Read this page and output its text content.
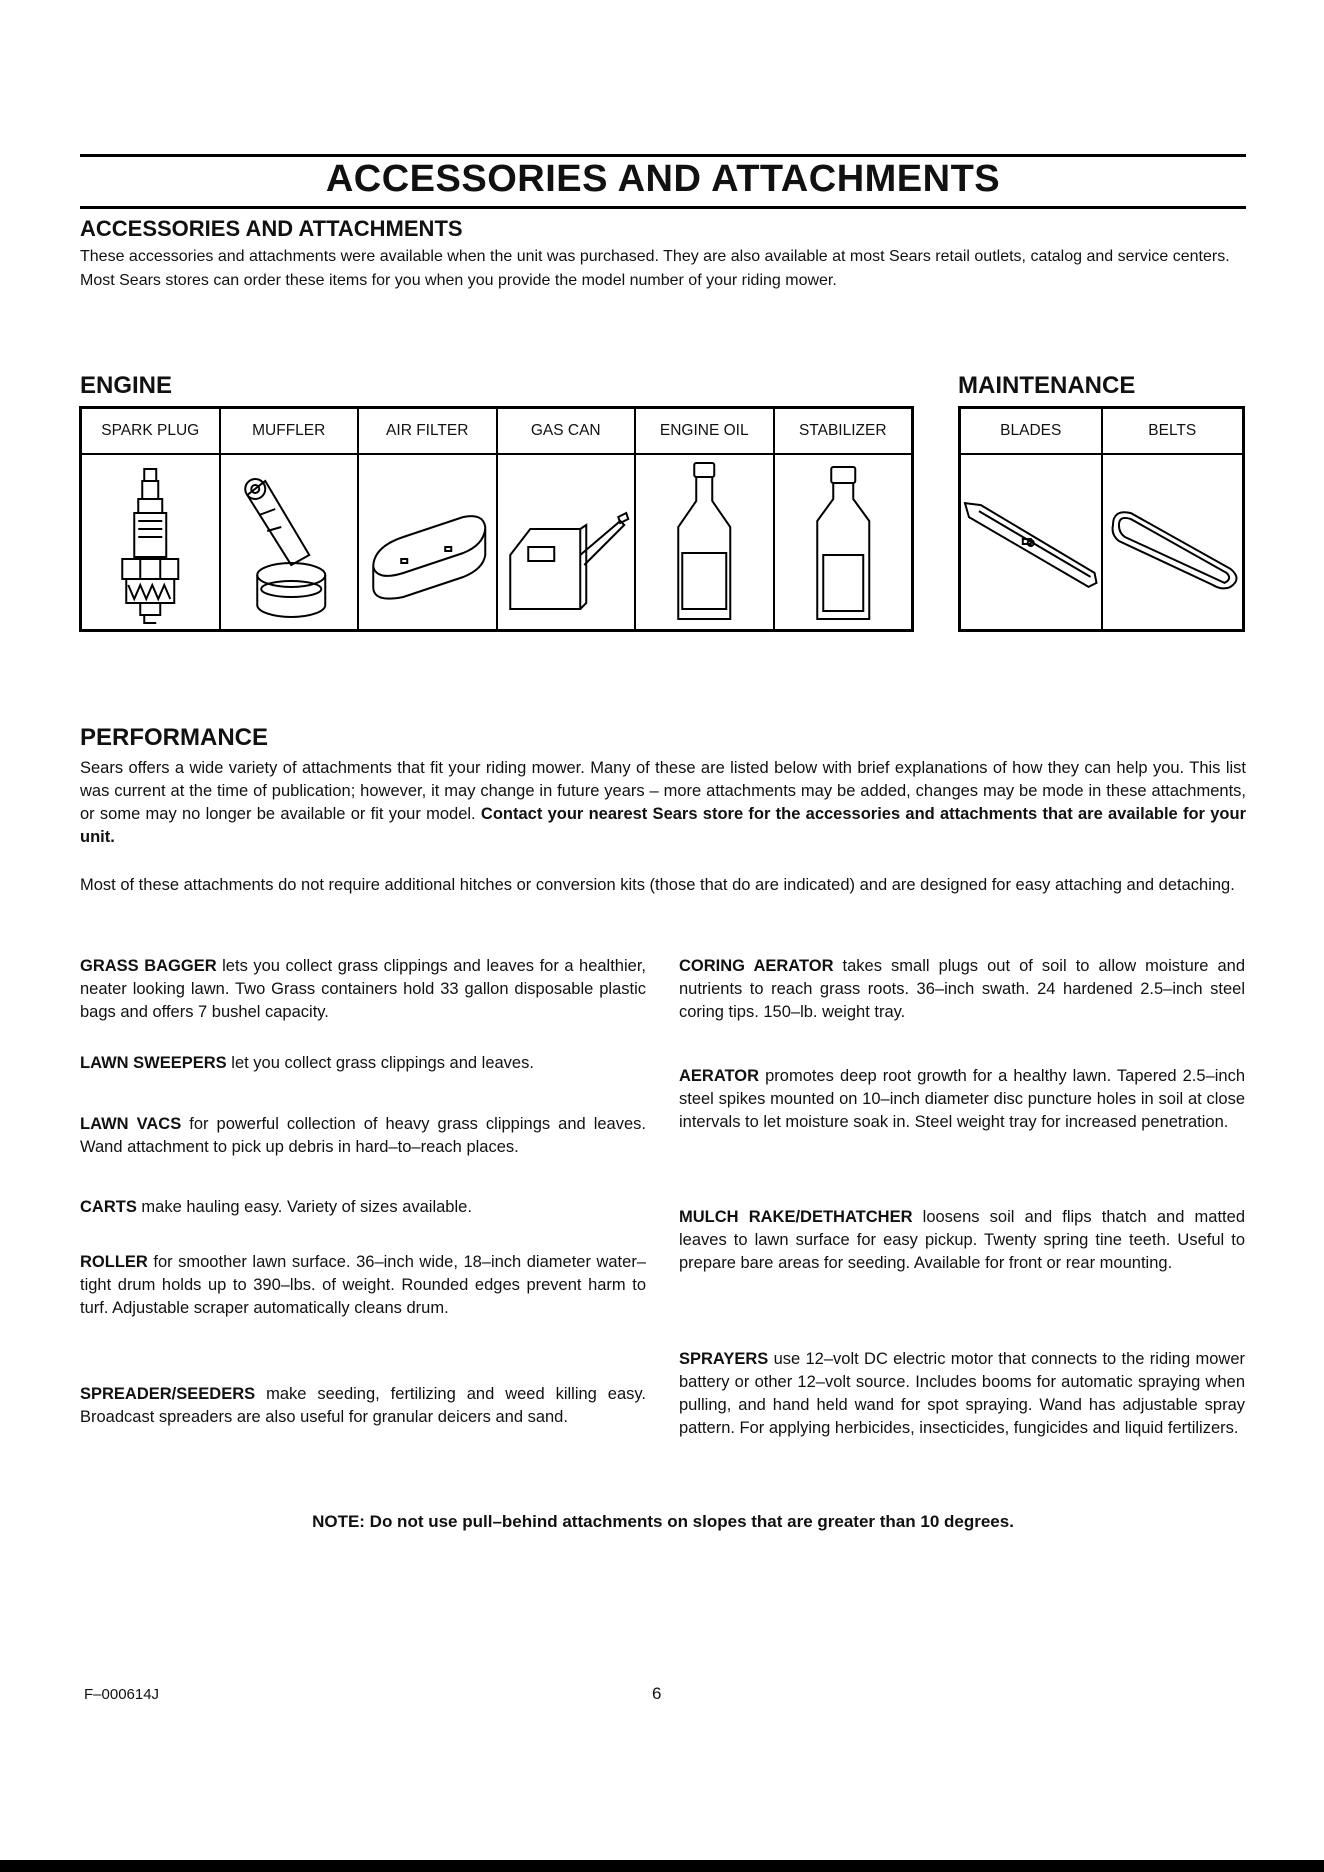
ACCESSORIES AND ATTACHMENTS
ACCESSORIES AND ATTACHMENTS
These accessories and attachments were available when the unit was purchased. They are also available at most Sears retail outlets, catalog and service centers. Most Sears stores can order these items for you when you provide the model number of your riding mower.
ENGINE
SPARK PLUG	MUFFLER	AIR FILTER	GAS CAN	ENGINE OIL	STABILIZER
MAINTENANCE
BLADES	BELTS
PERFORMANCE
Sears offers a wide variety of attachments that fit your riding mower. Many of these are listed below with brief explanations of how they can help you. This list was current at the time of publication; however, it may change in future years – more attachments may be added, changes may be mode in these attachments, or some may no longer be available or fit your model. Contact your nearest Sears store for the accessories and attachments that are available for your unit.
Most of these attachments do not require additional hitches or conversion kits (those that do are indicated) and are designed for easy attaching and detaching.
GRASS BAGGER lets you collect grass clippings and leaves for a healthier, neater looking lawn. Two Grass containers hold 33 gallon disposable plastic bags and offers 7 bushel capacity.
LAWN SWEEPERS let you collect grass clippings and leaves.
LAWN VACS for powerful collection of heavy grass clippings and leaves. Wand attachment to pick up debris in hard–to–reach places.
CARTS make hauling easy. Variety of sizes available.
ROLLER for smoother lawn surface. 36–inch wide, 18–inch diameter water–tight drum holds up to 390–lbs. of weight. Rounded edges prevent harm to turf. Adjustable scraper automatically cleans drum.
SPREADER/SEEDERS make seeding, fertilizing and weed killing easy. Broadcast spreaders are also useful for granular deicers and sand.
CORING AERATOR takes small plugs out of soil to allow moisture and nutrients to reach grass roots. 36–inch swath. 24 hardened 2.5–inch steel coring tips. 150–lb. weight tray.
AERATOR promotes deep root growth for a healthy lawn. Tapered 2.5–inch steel spikes mounted on 10–inch diameter disc puncture holes in soil at close intervals to let moisture soak in. Steel weight tray for increased penetration.
MULCH RAKE/DETHATCHER loosens soil and flips thatch and matted leaves to lawn surface for easy pickup. Twenty spring tine teeth. Useful to prepare bare areas for seeding. Available for front or rear mounting.
SPRAYERS use 12–volt DC electric motor that connects to the riding mower battery or other 12–volt source. Includes booms for automatic spraying when pulling, and hand held wand for spot spraying. Wand has adjustable spray pattern. For applying herbicides, insecticides, fungicides and liquid fertilizers.
NOTE: Do not use pull–behind attachments on slopes that are greater than 10 degrees.
F–000614J	6
